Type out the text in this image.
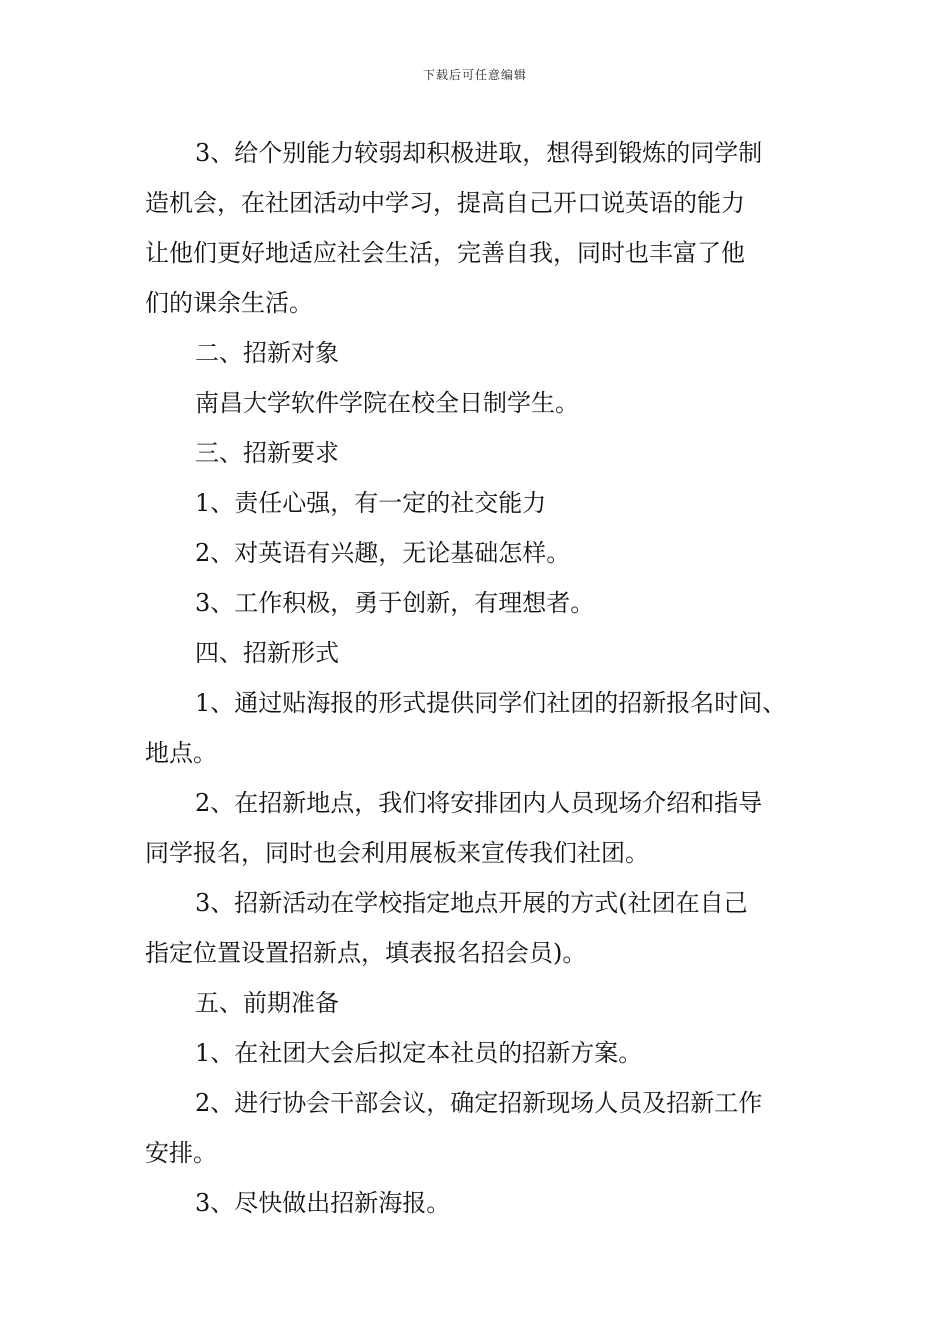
下载后可任意编辑

3、给个别能力较弱却积极进取，想得到锻炼的同学制

造机会，在社团活动中学习，提高自己开口说英语的能力

让他们更好地适应社会生活，完善自我，同时也丰富了他

们的课余生活。

二、招新对象

南昌大学软件学院在校全日制学生。

三、招新要求

1、责任心强，有一定的社交能力

2、对英语有兴趣，无论基础怎样。

3、工作积极，勇于创新，有理想者。

四、招新形式

1、通过贴海报的形式提供同学们社团的招新报名时间、

地点。

2、在招新地点，我们将安排团内人员现场介绍和指导

同学报名，同时也会利用展板来宣传我们社团。

3、招新活动在学校指定地点开展的方式(社团在自己

指定位置设置招新点，填表报名招会员)。

五、前期准备

1、在社团大会后拟定本社员的招新方案。

2、进行协会干部会议，确定招新现场人员及招新工作

安排。

3、尽快做出招新海报。
